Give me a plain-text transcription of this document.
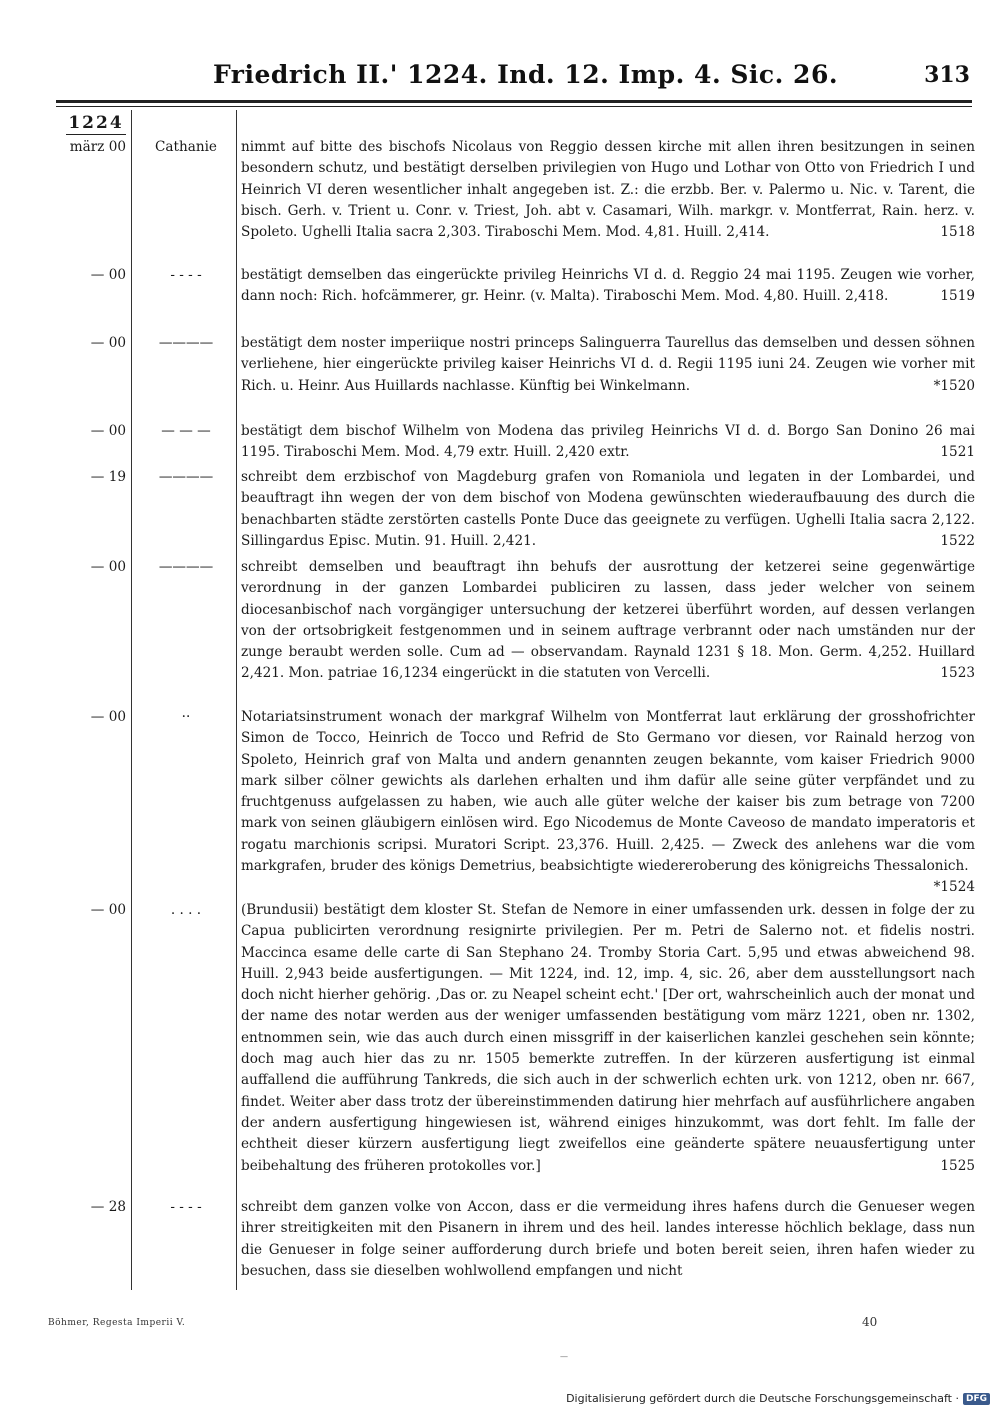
Friedrich II.' 1224. Ind. 12. Imp. 4. Sic. 26.	313
1224
märz 00	Cathanie	nimmt auf bitte des bischofs Nicolaus von Reggio dessen kirche mit allen ihren besitzungen in seinen besondern schutz, und bestätigt derselben privilegien von Hugo und Lothar von Otto von Friedrich I und Heinrich VI deren wesentlicher inhalt angegeben ist. Z.: die erzbb. Ber. v. Palermo u. Nic. v. Tarent, die bisch. Gerh. v. Trient u. Conr. v. Triest, Joh. abt v. Casamari, Wilh. markgr. v. Montferrat, Rain. herz. v. Spoleto. Ughelli Italia sacra 2,303. Tiraboschi Mem. Mod. 4,81. Huill. 2,414.	1518
— 00	- - - -	bestätigt demselben das eingerückte privileg Heinrichs VI d. d. Reggio 24 mai 1195. Zeugen wie vorher, dann noch: Rich. hofcämmerer, gr. Heinr. (v. Malta). Tiraboschi Mem. Mod. 4,80. Huill. 2,418.	1519
— 00	————	bestätigt dem noster imperiique nostri princeps Salinguerra Taurellus das demselben und dessen söhnen verliehene, hier eingerückte privileg kaiser Heinrichs VI d. d. Regii 1195 iuni 24. Zeugen wie vorher mit Rich. u. Heinr. Aus Huillards nachlasse. Künftig bei Winkelmann.	*1520
— 00	— — —	bestätigt dem bischof Wilhelm von Modena das privileg Heinrichs VI d. d. Borgo San Donino 26 mai 1195. Tiraboschi Mem. Mod. 4,79 extr. Huill. 2,420 extr.	1521
— 19	————	schreibt dem erzbischof von Magdeburg grafen von Romaniola und legaten in der Lombardei, und beauftragt ihn wegen der von dem bischof von Modena gewünschten wiederaufbauung des durch die benachbarten städte zerstörten castells Ponte Duce das geeignete zu verfügen. Ughelli Italia sacra 2,122. Sillingardus Episc. Mutin. 91. Huill. 2,421.	1522
— 00	————	schreibt demselben und beauftragt ihn behufs der ausrottung der ketzerei seine gegenwärtige verordnung in der ganzen Lombardei publiciren zu lassen, dass jeder welcher von seinem diocesanbischof nach vorgängiger untersuchung der ketzerei überführt worden, auf dessen verlangen von der ortsobrigkeit festgenommen und in seinem auftrage verbrannt oder nach umständen nur der zunge beraubt werden solle. Cum ad — observandam. Raynald 1231 § 18. Mon. Germ. 4,252. Huillard 2,421. Mon. patriae 16,1234 eingerückt in die statuten von Vercelli.	1523
— 00	··	Notariatsinstrument wonach der markgraf Wilhelm von Montferrat laut erklärung der grosshofrichter Simon de Tocco, Heinrich de Tocco und Refrid de Sto Germano vor diesen, vor Rainald herzog von Spoleto, Heinrich graf von Malta und andern genannten zeugen bekannte, vom kaiser Friedrich 9000 mark silber cölner gewichts als darlehen erhalten und ihm dafür alle seine güter verpfändet und zu fruchtgenuss aufgelassen zu haben, wie auch alle güter welche der kaiser bis zum betrage von 7200 mark von seinen gläubigern einlösen wird. Ego Nicodemus de Monte Caveoso de mandato imperatoris et rogatu marchionis scripsi. Muratori Script. 23,376. Huill. 2,425. — Zweck des anlehens war die vom markgrafen, bruder des königs Demetrius, beabsichtigte wiedereroberung des königreichs Thessalonich.
*1524
— 00	. . . .	(Brundusii) bestätigt dem kloster St. Stefan de Nemore in einer umfassenden urk. dessen in folge der zu Capua publicirten verordnung resignirte privilegien. Per m. Petri de Salerno not. et fidelis nostri. Maccinca esame delle carte di San Stephano 24. Tromby Storia Cart. 5,95 und etwas abweichend 98. Huill. 2,943 beide ausfertigungen. — Mit 1224, ind. 12, imp. 4, sic. 26, aber dem ausstellungsort nach doch nicht hierher gehörig. ‚Das or. zu Neapel scheint echt.' [Der ort, wahrscheinlich auch der monat und der name des notar werden aus der weniger umfassenden bestätigung vom märz 1221, oben nr. 1302, entnommen sein, wie das auch durch einen missgriff in der kaiserlichen kanzlei geschehen sein könnte; doch mag auch hier das zu nr. 1505 bemerkte zutreffen. In der kürzeren ausfertigung ist einmal auffallend die aufführung Tankreds, die sich auch in der schwerlich echten urk. von 1212, oben nr. 667, findet. Weiter aber dass trotz der übereinstimmenden datirung hier mehrfach auf ausführlichere angaben der andern ausfertigung hingewiesen ist, während einiges hinzukommt, was dort fehlt. Im falle der echtheit dieser kürzern ausfertigung liegt zweifellos eine geänderte spätere neuausfertigung unter beibehaltung des früheren protokolles vor.]	1525
— 28	- - - -	schreibt dem ganzen volke von Accon, dass er die vermeidung ihres hafens durch die Genueser wegen ihrer streitigkeiten mit den Pisanern in ihrem und des heil. landes interesse höchlich beklage, dass nun die Genueser in folge seiner aufforderung durch briefe und boten bereit seien, ihren hafen wieder zu besuchen, dass sie dieselben wohlwollend empfangen und nicht
Böhmer, Regesta Imperii V.	40
—
Digitalisierung gefördert durch die Deutsche Forschungsgemeinschaft · DFG
